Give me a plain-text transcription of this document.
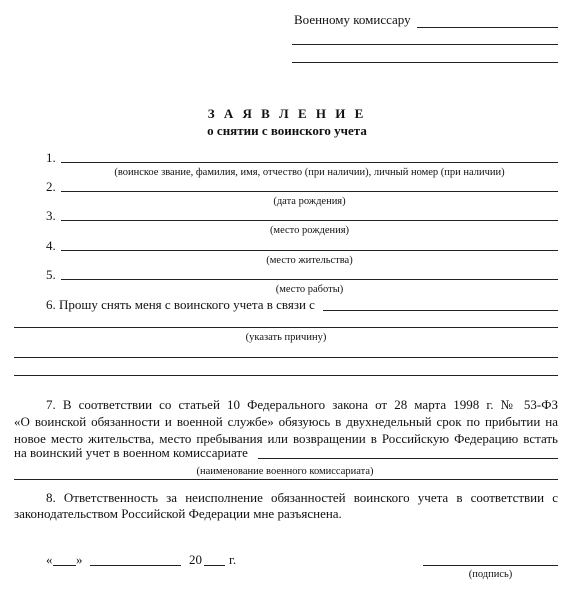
Военному комиссару
З А Я В Л Е Н И Е
о снятии с воинского учета
1.
(воинское звание, фамилия, имя, отчество (при наличии), личный номер (при наличии)
2.
(дата рождения)
3.
(место рождения)
4.
(место жительства)
5.
(место работы)
6. Прошу снять меня с воинского учета в связи с
(указать причину)
7. В соответствии со статьей 10 Федерального закона от 28 марта 1998 г. № 53-ФЗ
«О воинской обязанности и военной службе» обязуюсь в двухнедельный срок по прибытии на
новое место жительства, место пребывания или возвращении в Российскую Федерацию встать
на воинский учет в военном комиссариате
(наименование военного комиссариата)
8. Ответственность за неисполнение обязанностей воинского учета в соответствии с
законодательством Российской Федерации мне разъяснена.
« »	20 г.
(подпись)
